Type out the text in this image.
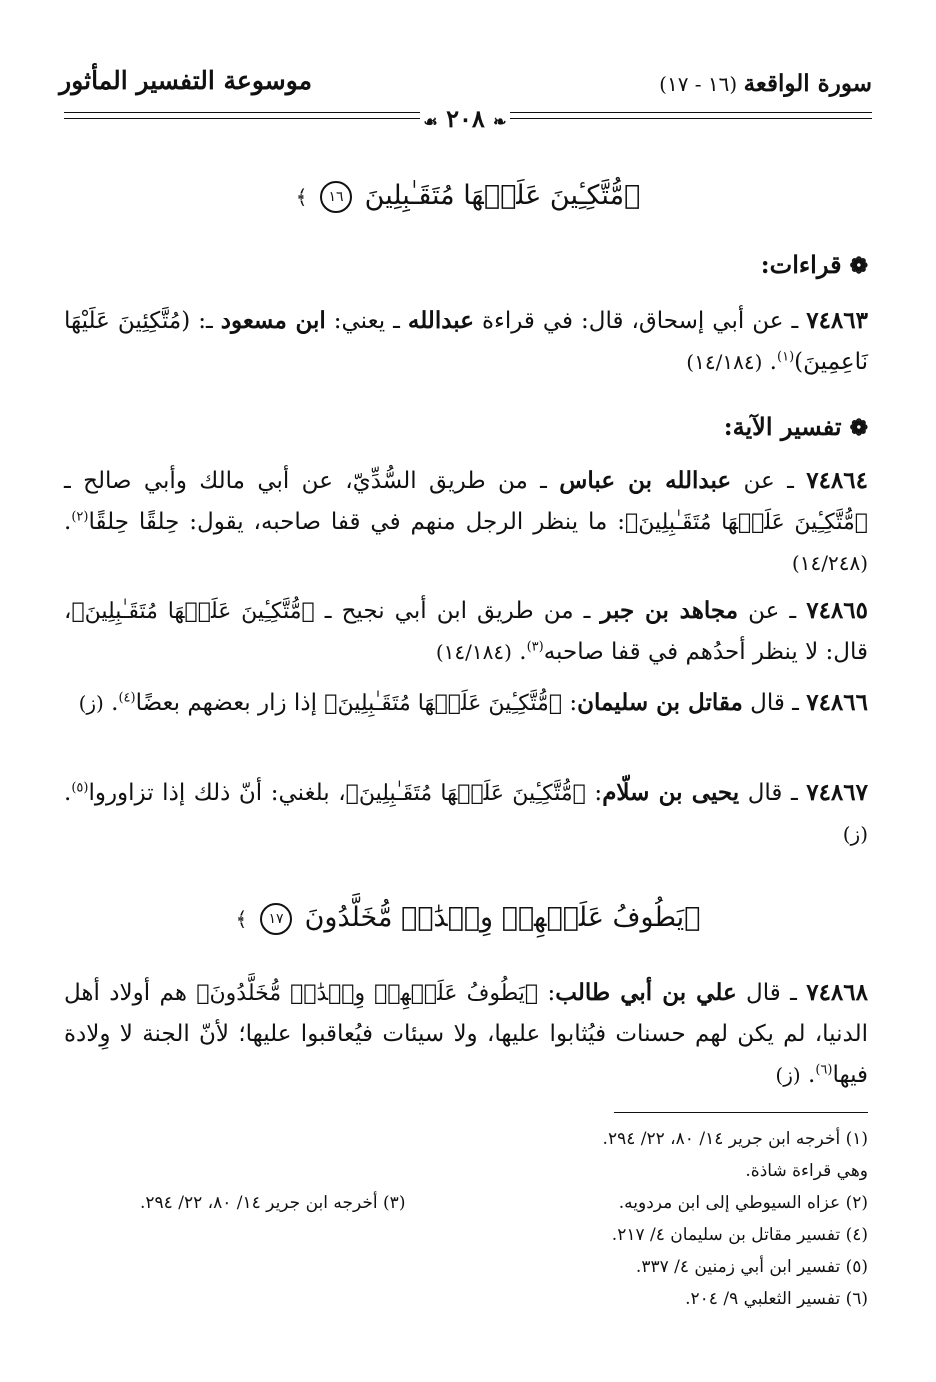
موسوعة التفسير المأثور	سورة الواقعة (١٦ - ١٧)
❧ ٢٠٨ ☙
﴿مُّتَّكِـِٔينَ عَلَيۡهَا مُتَقَـٰبِلِينَ ١٦ ﴾
❁قراءات:
٧٤٨٦٣ ـ عن أبي إسحاق، قال: في قراءة عبدالله ـ يعني: ابن مسعود ـ: (مُتَّكِئِينَ عَلَيْهَا نَاعِمِينَ)$^{(١)}$. (١٤/١٨٤)
❁تفسير الآية:
٧٤٨٦٤ ـ عن عبدالله بن عباس ـ من طريق السُّدِّيّ، عن أبي مالك وأبي صالح ـ ﴿مُّتَّكِـِٔينَ عَلَيۡهَا مُتَقَـٰبِلِينَ﴾: ما ينظر الرجل منهم في قفا صاحبه، يقول: حِلقًا حِلقًا$^{(٢)}$. (١٤/٢٤٨)
٧٤٨٦٥ ـ عن مجاهد بن جبر ـ من طريق ابن أبي نجيح ـ ﴿مُّتَّكِـِٔينَ عَلَيۡهَا مُتَقَـٰبِلِينَ﴾، قال: لا ينظر أحدُهم في قفا صاحبه$^{(٣)}$. (١٤/١٨٤)
٧٤٨٦٦ ـ قال مقاتل بن سليمان: ﴿مُّتَّكِـِٔينَ عَلَيۡهَا مُتَقَـٰبِلِينَ﴾ إذا زار بعضهم بعضًا$^{(٤)}$. (ز)
٧٤٨٦٧ ـ قال يحيى بن سلّام: ﴿مُّتَّكِـِٔينَ عَلَيۡهَا مُتَقَـٰبِلِينَ﴾، بلغني: أنّ ذلك إذا تزاوروا$^{(٥)}$. (ز)
﴿يَطُوفُ عَلَيۡهِمۡ وِلۡدَٰنٞ مُّخَلَّدُونَ ١٧ ﴾
٧٤٨٦٨ ـ قال علي بن أبي طالب: ﴿يَطُوفُ عَلَيۡهِمۡ وِلۡدَٰنٞ مُّخَلَّدُونَ﴾ هم أولاد أهل الدنيا، لم يكن لهم حسنات فيُثابوا عليها، ولا سيئات فيُعاقبوا عليها؛ لأنّ الجنة لا وِلادة فيها$^{(٦)}$. (ز)
(١) أخرجه ابن جرير ١٤/ ٨٠، ٢٢/ ٢٩٤.
وهي قراءة شاذة.
(٢) عزاه السيوطي إلى ابن مردويه.
(٣) أخرجه ابن جرير ١٤/ ٨٠، ٢٢/ ٢٩٤.
(٤) تفسير مقاتل بن سليمان ٤/ ٢١٧.
(٥) تفسير ابن أبي زمنين ٤/ ٣٣٧.
(٦) تفسير الثعلبي ٩/ ٢٠٤.
